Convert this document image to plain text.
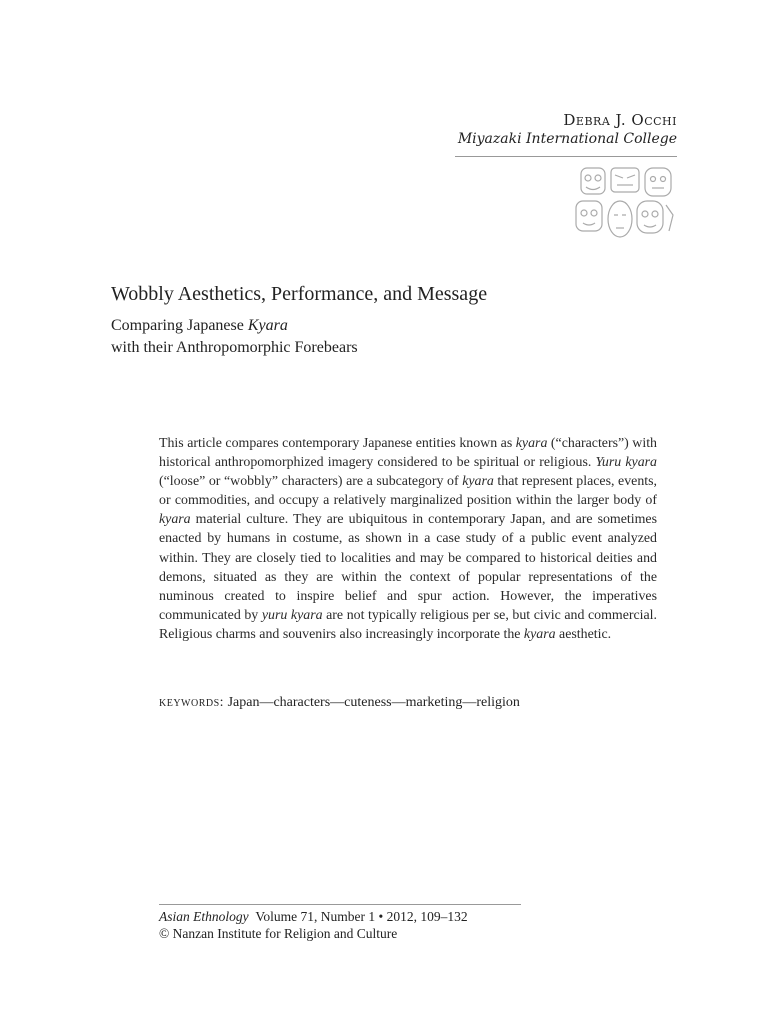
Debra J. Occhi
Miyazaki International College
Wobbly Aesthetics, Performance, and Message
Comparing Japanese Kyara
with their Anthropomorphic Forebears

This article compares contemporary Japanese entities known as kyara (“characters”) with historical anthropomorphized imagery considered to be spiritual or religious. Yuru kyara (“loose” or “wobbly” characters) are a subcategory of kyara that represent places, events, or commodities, and occupy a relatively marginalized position within the larger body of kyara material culture. They are ubiquitous in contemporary Japan, and are sometimes enacted by humans in costume, as shown in a case study of a public event analyzed within. They are closely tied to localities and may be compared to historical deities and demons, situated as they are within the context of popular representations of the numinous created to inspire belief and spur action. However, the imperatives communicated by yuru kyara are not typically religious per se, but civic and commercial. Religious charms and souvenirs also increasingly incorporate the kyara aesthetic.

keywords: Japan—characters—cuteness—marketing—religion
Asian Ethnology Volume 71, Number 1 • 2012, 109–132
© Nanzan Institute for Religion and Culture
